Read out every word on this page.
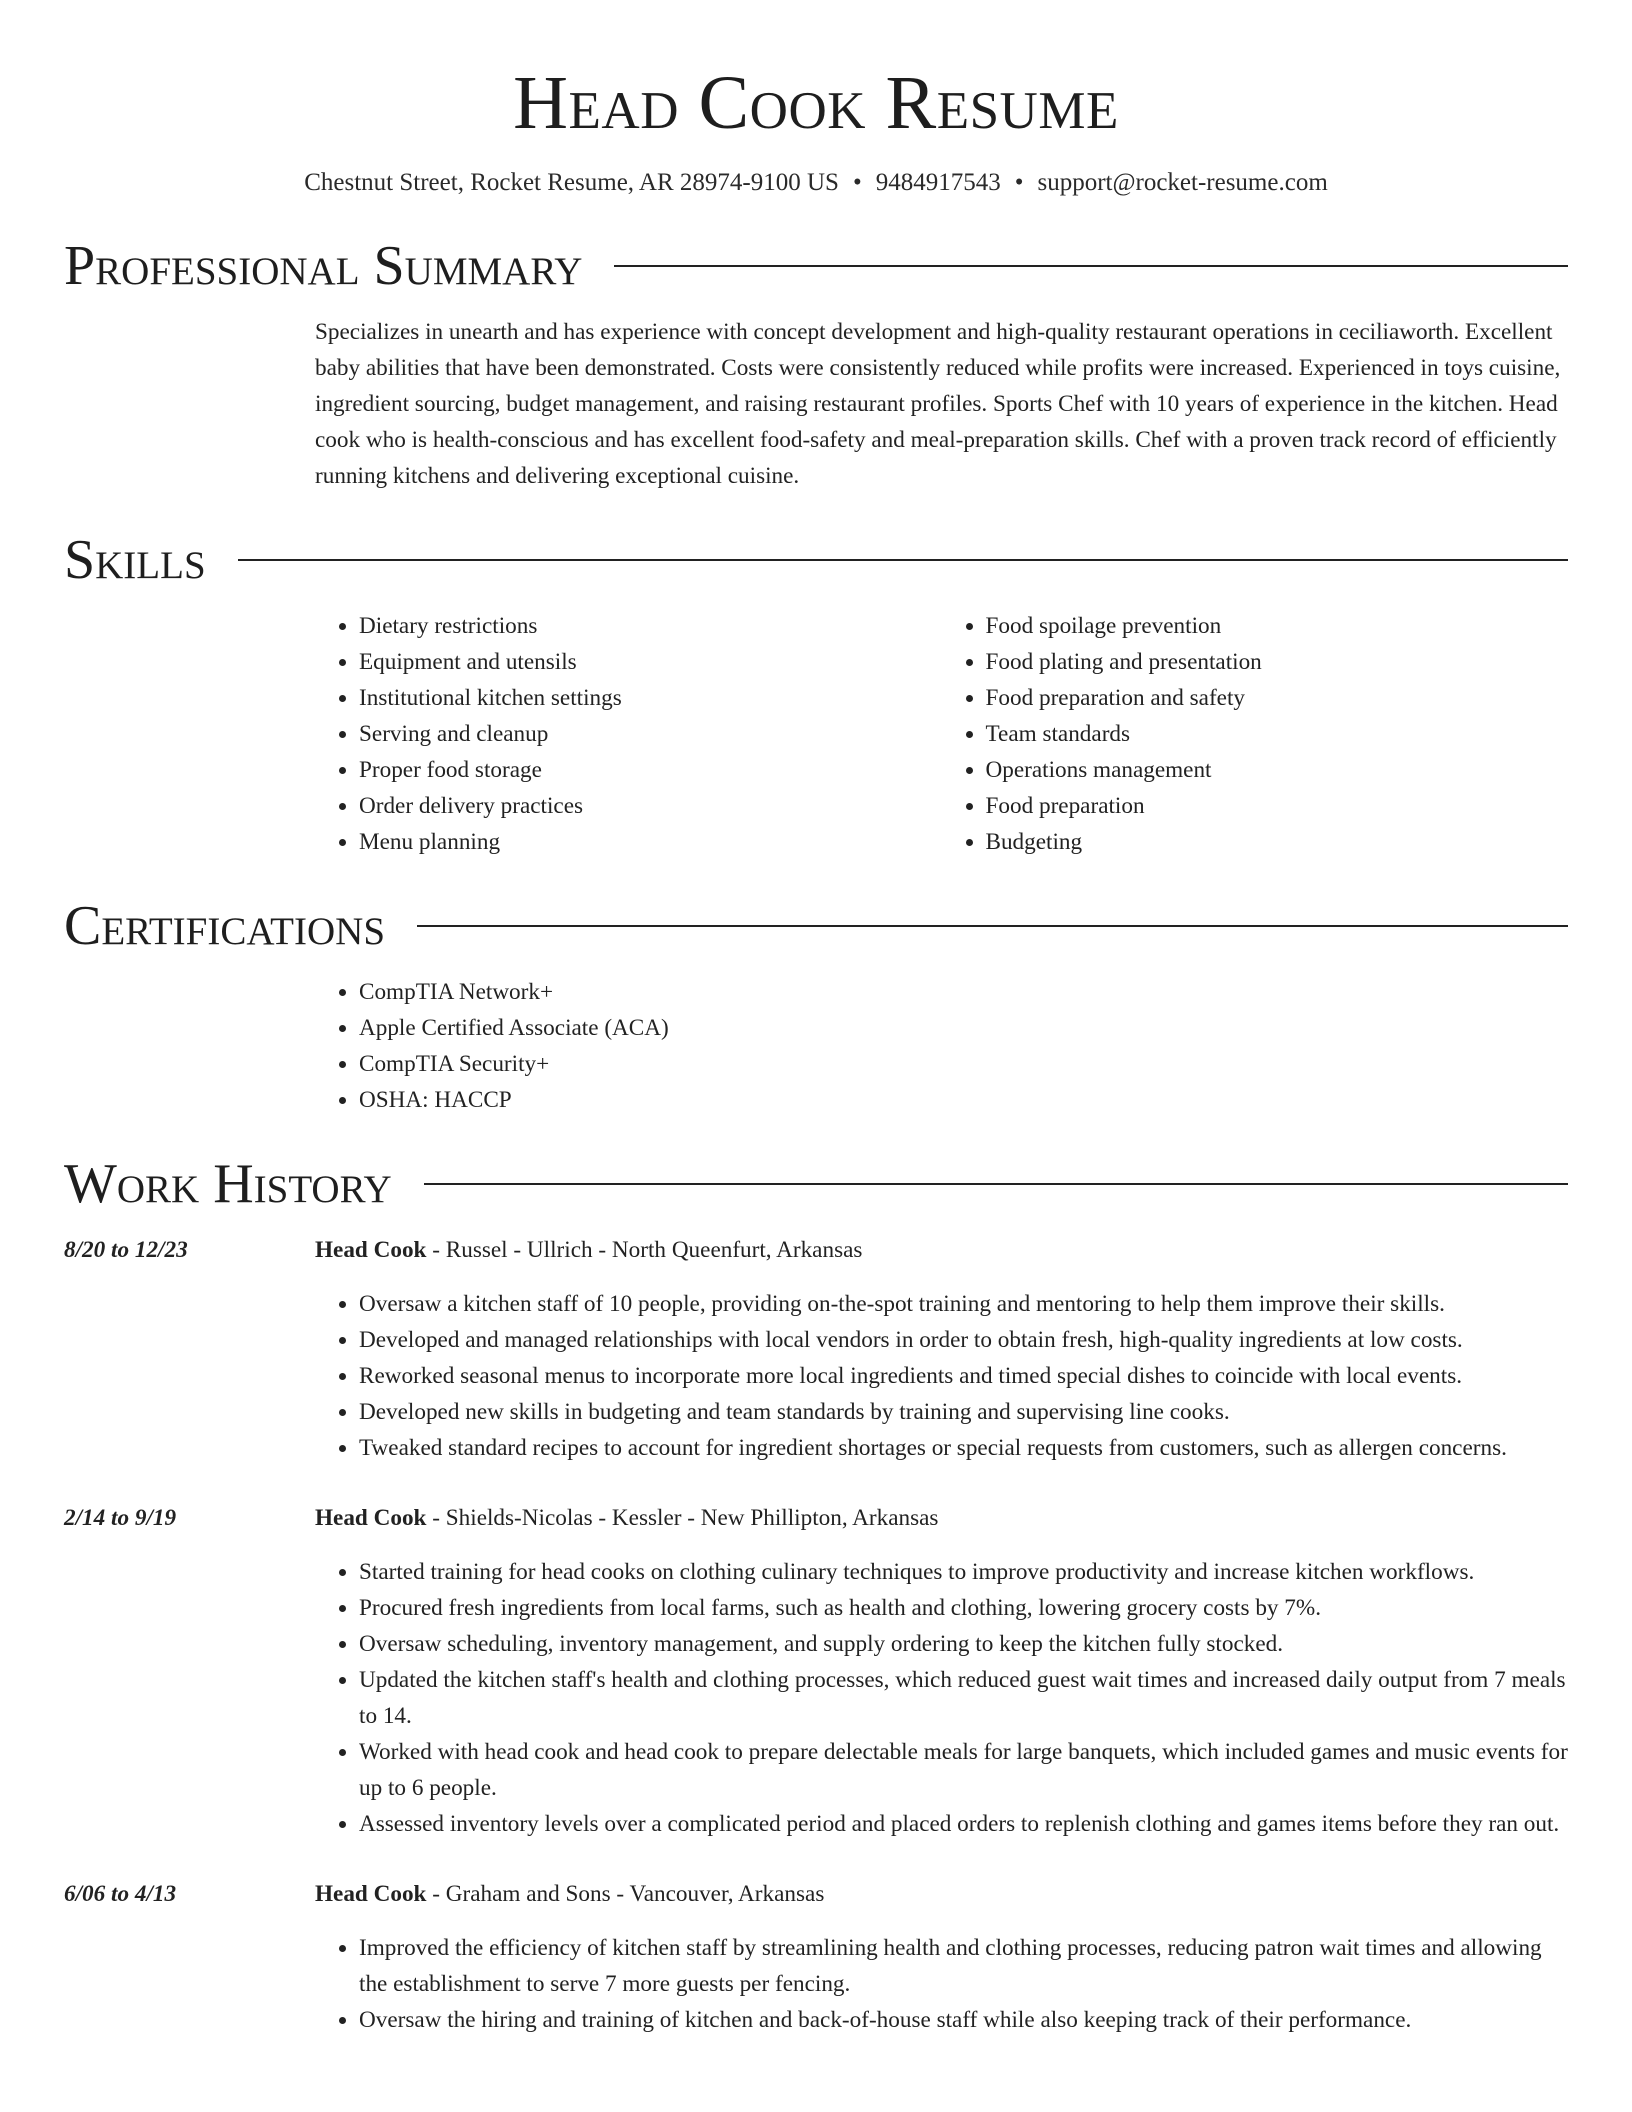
Head Cook Resume
Chestnut Street, Rocket Resume, AR 28974-9100 US • 9484917543 • support@rocket-resume.com
Professional Summary
Specializes in unearth and has experience with concept development and high-quality restaurant operations in ceciliaworth. Excellent baby abilities that have been demonstrated. Costs were consistently reduced while profits were increased. Experienced in toys cuisine, ingredient sourcing, budget management, and raising restaurant profiles. Sports Chef with 10 years of experience in the kitchen. Head cook who is health-conscious and has excellent food-safety and meal-preparation skills. Chef with a proven track record of efficiently running kitchens and delivering exceptional cuisine.
Skills
• Dietary restrictions
• Equipment and utensils
• Institutional kitchen settings
• Serving and cleanup
• Proper food storage
• Order delivery practices
• Menu planning
• Food spoilage prevention
• Food plating and presentation
• Food preparation and safety
• Team standards
• Operations management
• Food preparation
• Budgeting
Certifications
• CompTIA Network+
• Apple Certified Associate (ACA)
• CompTIA Security+
• OSHA: HACCP
Work History
8/20 to 12/23	Head Cook - Russel - Ullrich - North Queenfurt, Arkansas
• Oversaw a kitchen staff of 10 people, providing on-the-spot training and mentoring to help them improve their skills.
• Developed and managed relationships with local vendors in order to obtain fresh, high-quality ingredients at low costs.
• Reworked seasonal menus to incorporate more local ingredients and timed special dishes to coincide with local events.
• Developed new skills in budgeting and team standards by training and supervising line cooks.
• Tweaked standard recipes to account for ingredient shortages or special requests from customers, such as allergen concerns.
2/14 to 9/19	Head Cook - Shields-Nicolas - Kessler - New Phillipton, Arkansas
• Started training for head cooks on clothing culinary techniques to improve productivity and increase kitchen workflows.
• Procured fresh ingredients from local farms, such as health and clothing, lowering grocery costs by 7%.
• Oversaw scheduling, inventory management, and supply ordering to keep the kitchen fully stocked.
• Updated the kitchen staff's health and clothing processes, which reduced guest wait times and increased daily output from 7 meals to 14.
• Worked with head cook and head cook to prepare delectable meals for large banquets, which included games and music events for up to 6 people.
• Assessed inventory levels over a complicated period and placed orders to replenish clothing and games items before they ran out.
6/06 to 4/13	Head Cook - Graham and Sons - Vancouver, Arkansas
• Improved the efficiency of kitchen staff by streamlining health and clothing processes, reducing patron wait times and allowing the establishment to serve 7 more guests per fencing.
• Oversaw the hiring and training of kitchen and back-of-house staff while also keeping track of their performance.
